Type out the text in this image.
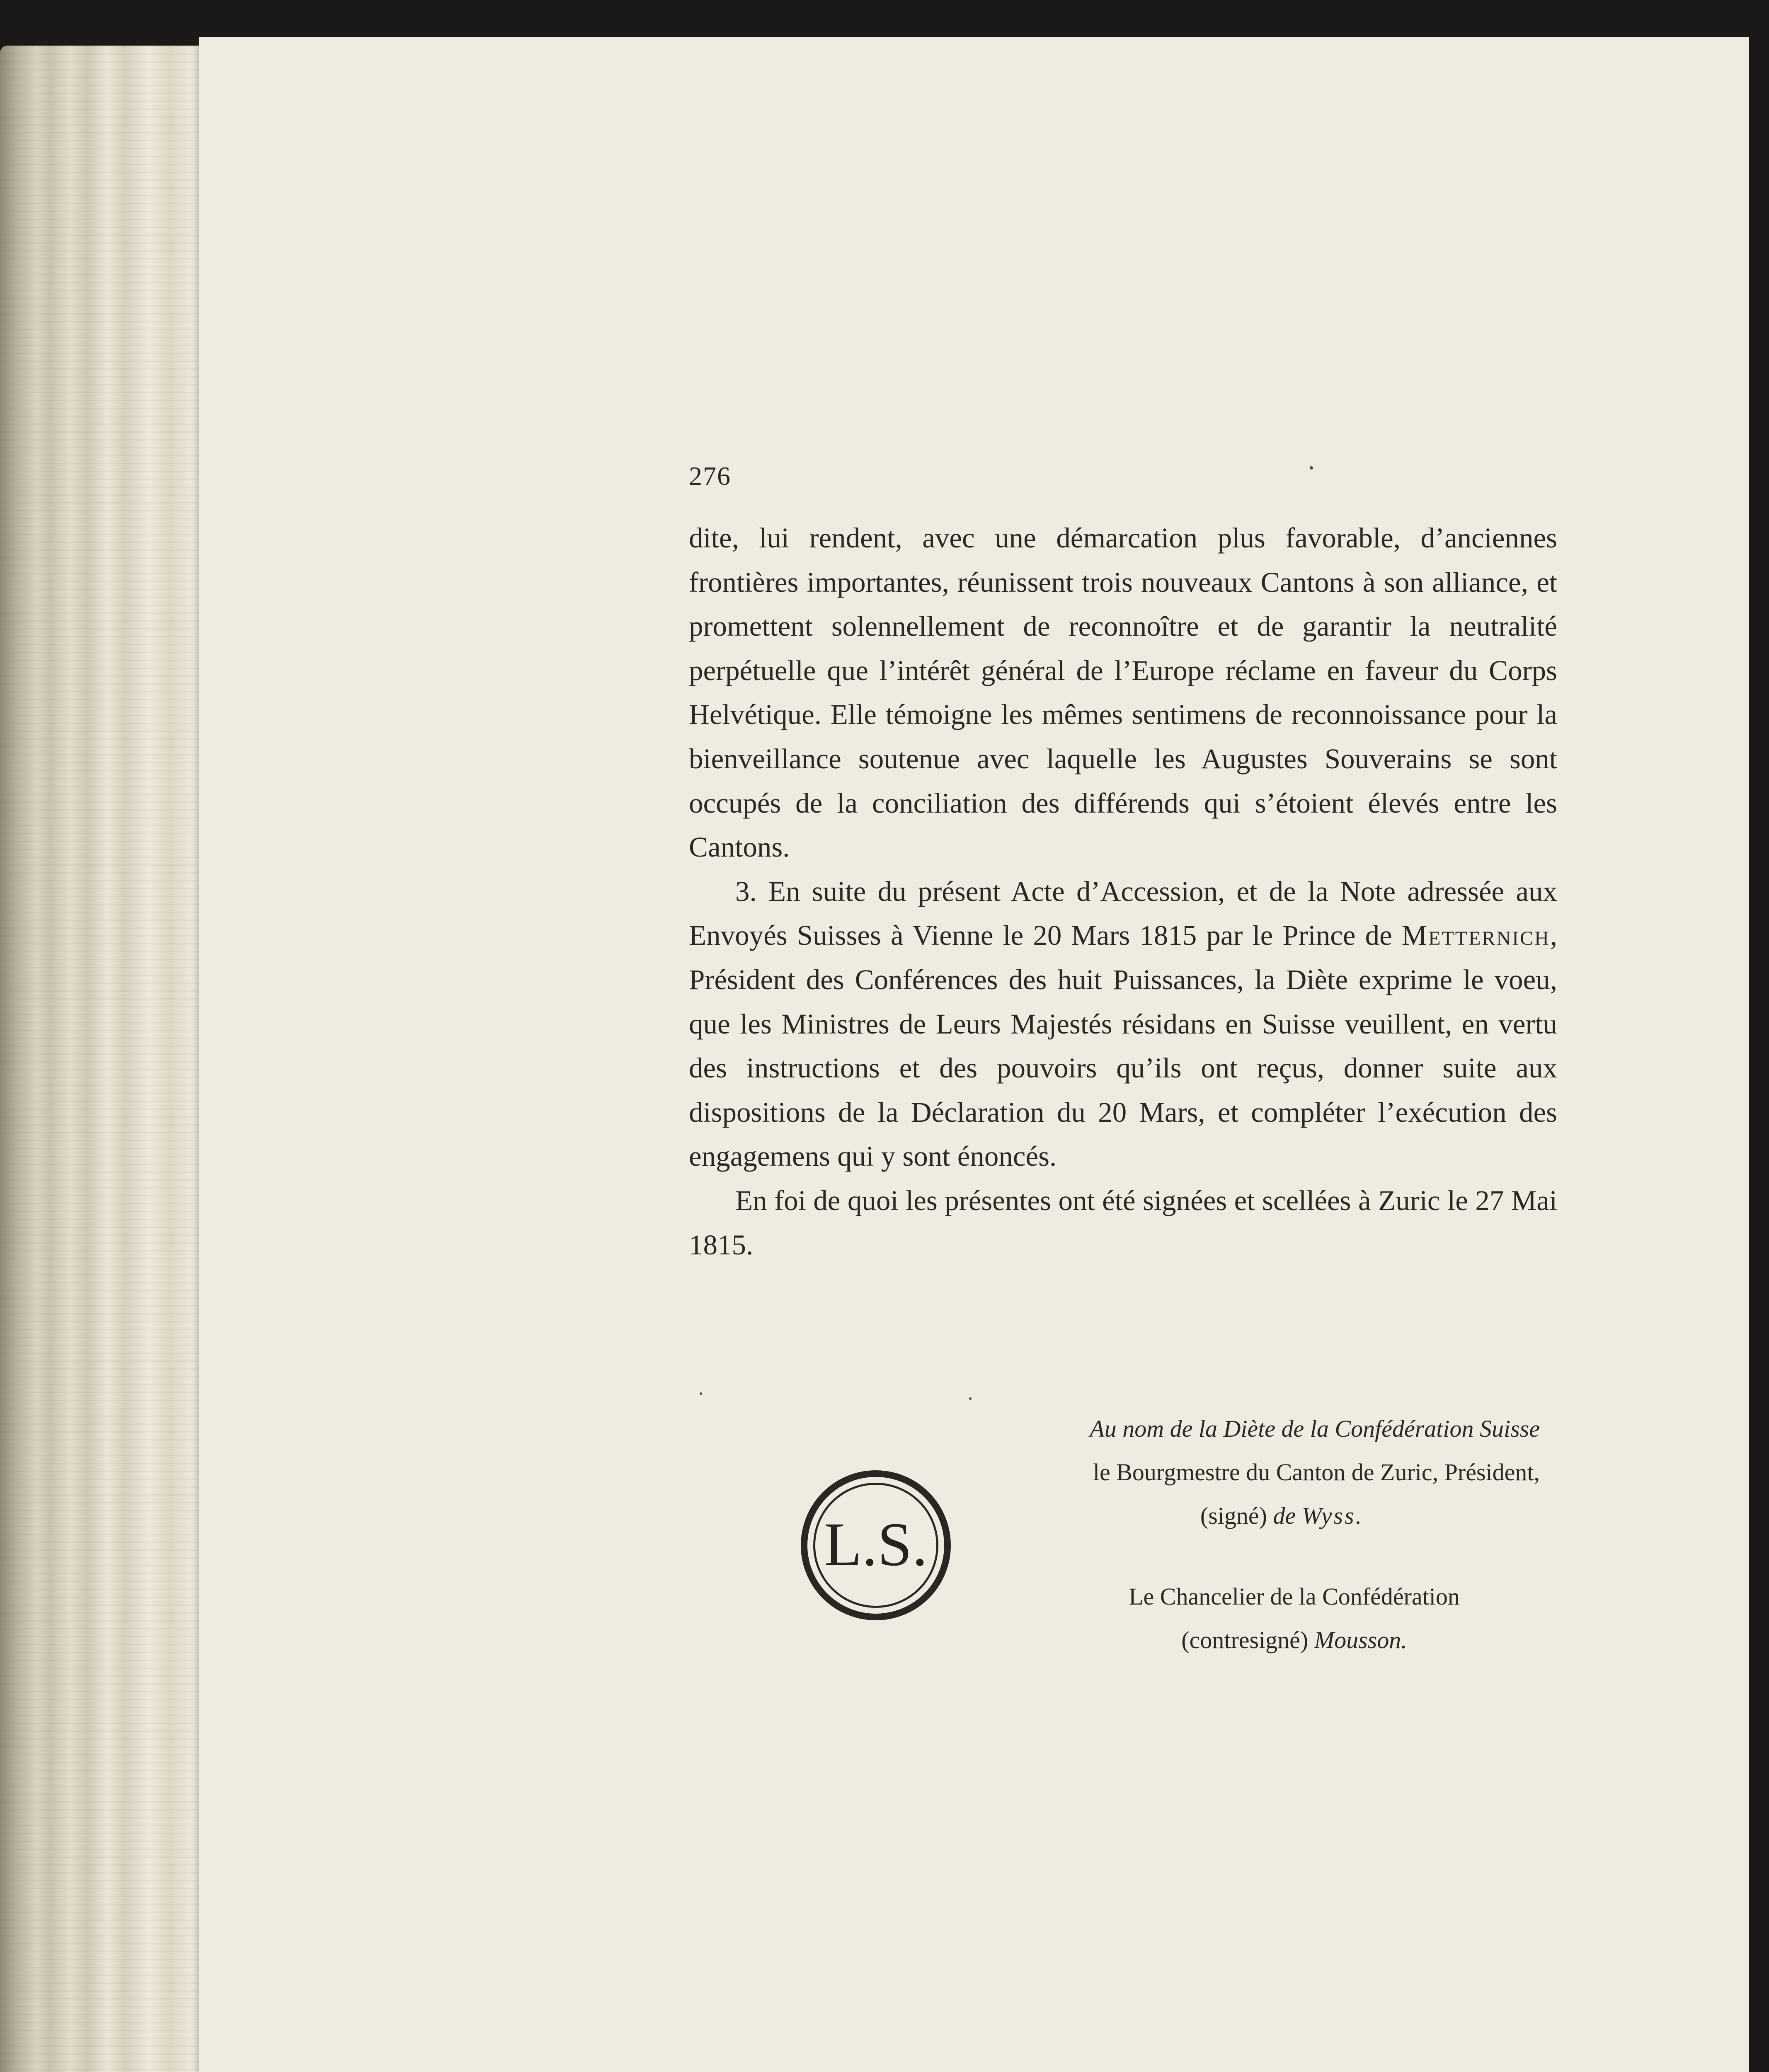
276

dite, lui rendent, avec une démarcation plus favorable, d’anciennes frontières importantes, réunissent trois nouveaux Cantons à son alliance, et promettent solennellement de reconnoître et de garantir la neutralité perpétuelle que l’intérêt général de l’Europe réclame en faveur du Corps Helvétique. Elle témoigne les mêmes sentimens de reconnoissance pour la bienveillance soutenue avec laquelle les Augustes Souverains se sont occupés de la conciliation des différends qui s’étoient élevés entre les Cantons.

3. En suite du présent Acte d’Accession, et de la Note adressée aux Envoyés Suisses à Vienne le 20 Mars 1815 par le Prince de Metternich, Président des Conférences des huit Puissances, la Diète exprime le voeu, que les Ministres de Leurs Majestés résidans en Suisse veuillent, en vertu des instructions et des pouvoirs qu’ils ont reçus, donner suite aux dispositions de la Déclaration du 20 Mars, et compléter l’exécution des engagemens qui y sont énoncés.

En foi de quoi les présentes ont été signées et scellées à Zuric le 27 Mai 1815.

Au nom de la Diète de la Confédération Suisse
le Bourgmestre du Canton de Zuric, Président,
(signé) de Wyss.
Le Chancelier de la Confédération
(contresigné) Mousson.
L.S.
